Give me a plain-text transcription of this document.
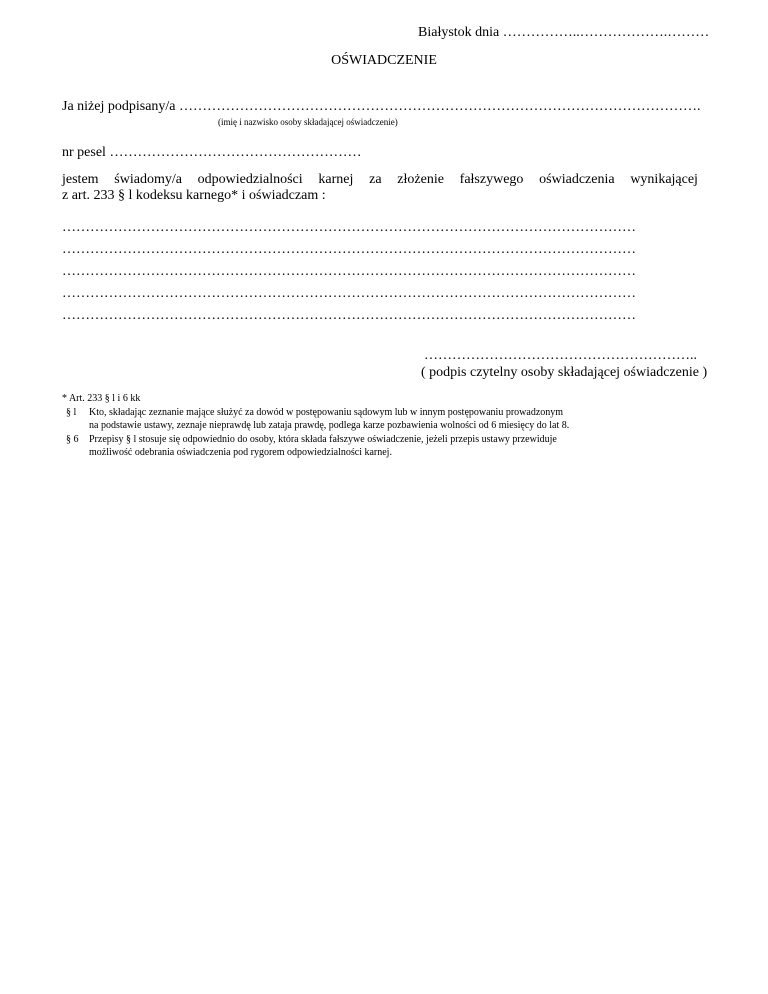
Białystok dnia ……………..……………….………
OŚWIADCZENIE
Ja niżej podpisany/a ………………………………………………………………………………………………….
(imię i nazwisko osoby składającej oświadczenie)
nr pesel ………………………………………………
jestem świadomy/a odpowiedzialności karnej za złożenie fałszywego oświadczenia wynikającej
z art. 233 § l kodeksu karnego* i oświadczam :
……………………………………………………………………………………………………………
……………………………………………………………………………………………………………
……………………………………………………………………………………………………………
……………………………………………………………………………………………………………
……………………………………………………………………………………………………………
…………………………………………………..
( podpis czytelny osoby składającej oświadczenie )
* Art. 233 § l i 6 kk
§ l Kto, składając zeznanie mające służyć za dowód w postępowaniu sądowym lub w innym postępowaniu prowadzonym
na podstawie ustawy, zeznaje nieprawdę lub zataja prawdę, podlega karze pozbawienia wolności od 6 miesięcy do lat 8.
§ 6 Przepisy § l stosuje się odpowiednio do osoby, która składa fałszywe oświadczenie, jeżeli przepis ustawy przewiduje
możliwość odebrania oświadczenia pod rygorem odpowiedzialności karnej.
